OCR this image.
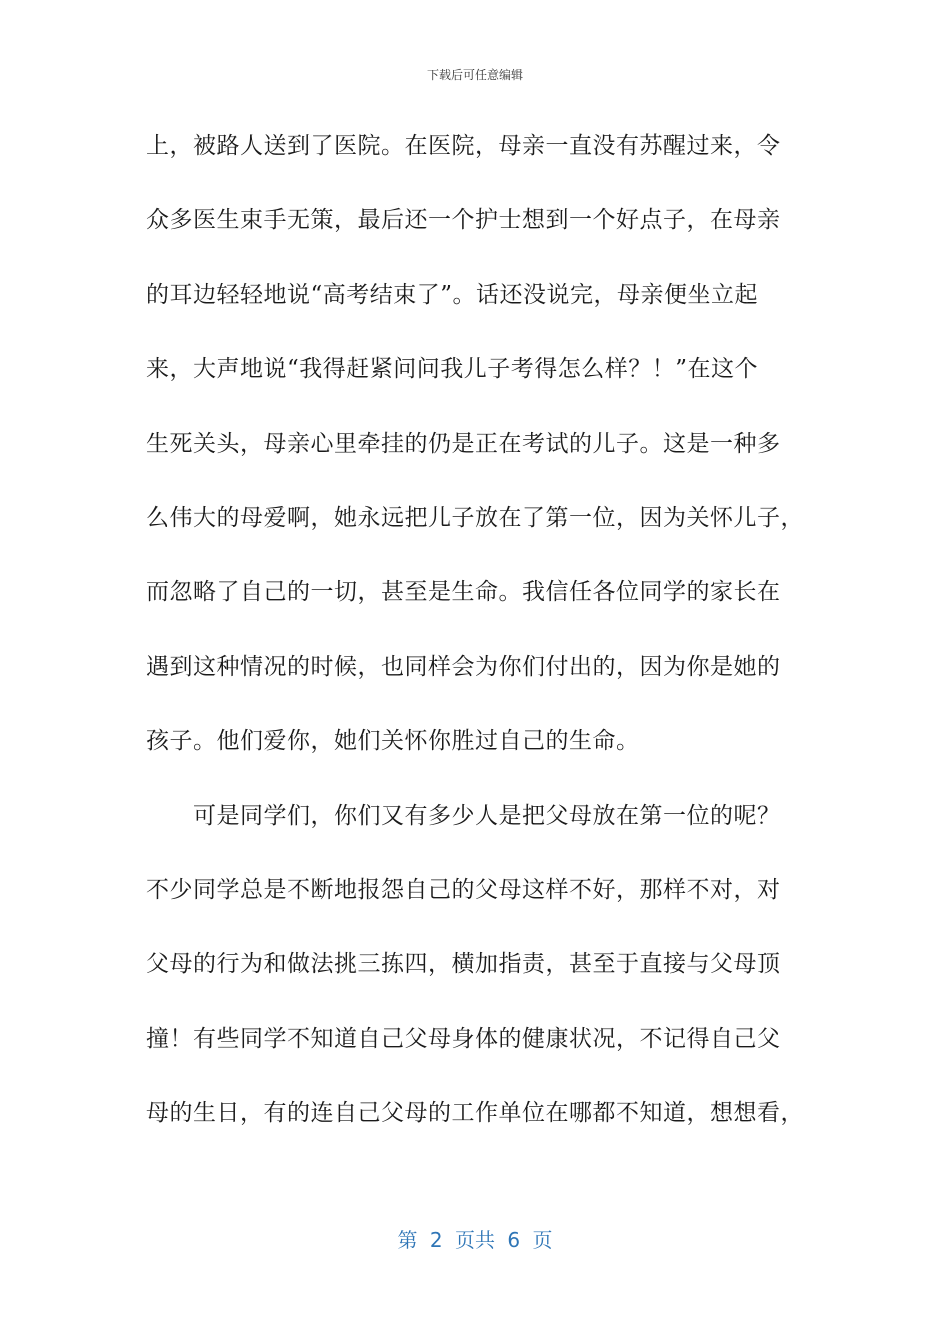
下载后可任意编辑
上，被路人送到了医院。在医院，母亲一直没有苏醒过来，令
众多医生束手无策，最后还一个护士想到一个好点子，在母亲
的耳边轻轻地说“高考结束了”。话还没说完，母亲便坐立起
来，大声地说“我得赶紧问问我儿子考得怎么样？！”在这个
生死关头，母亲心里牵挂的仍是正在考试的儿子。这是一种多
么伟大的母爱啊，她永远把儿子放在了第一位，因为关怀儿子，
而忽略了自己的一切，甚至是生命。我信任各位同学的家长在
遇到这种情况的时候，也同样会为你们付出的，因为你是她的
孩子。他们爱你，她们关怀你胜过自己的生命。
可是同学们，你们又有多少人是把父母放在第一位的呢？
不少同学总是不断地报怨自己的父母这样不好，那样不对，对
父母的行为和做法挑三拣四，横加指责，甚至于直接与父母顶
撞！有些同学不知道自己父母身体的健康状况，不记得自己父
母的生日，有的连自己父母的工作单位在哪都不知道，想想看，
第 2 页共 6 页
